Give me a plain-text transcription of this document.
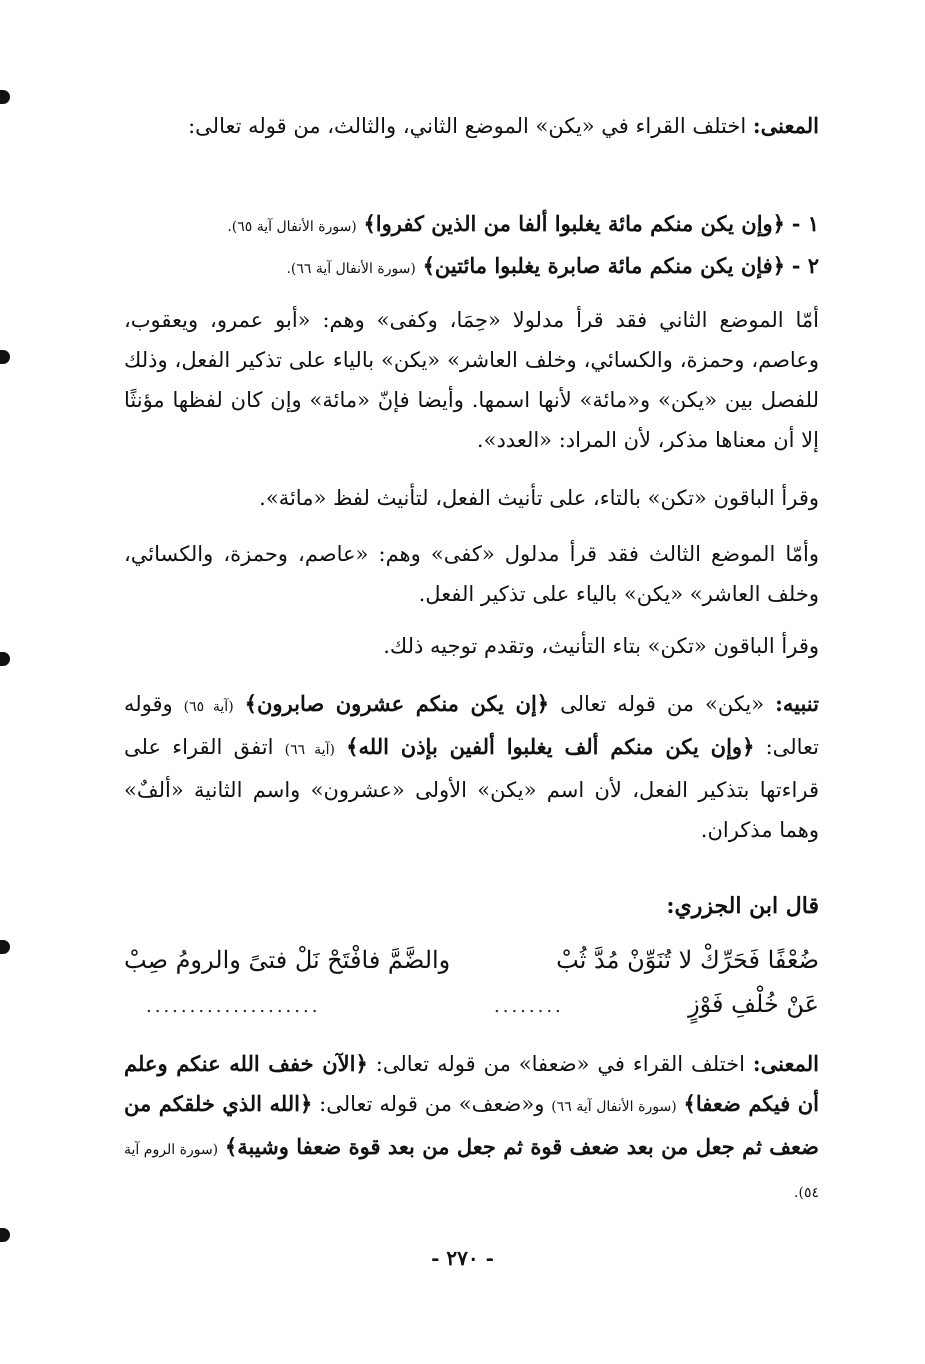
المعنى: اختلف القراء في «يكن» الموضع الثاني، والثالث، من قوله تعالى:

١ - ﴿وإن يكن منكم مائة يغلبوا ألفا من الذين كفروا﴾ (سورة الأنفال آية ٦٥).

٢ - ﴿فإن يكن منكم مائة صابرة يغلبوا مائتين﴾ (سورة الأنفال آية ٦٦).

أمّا الموضع الثاني فقد قرأ مدلولا «حِمَا، وكفى» وهم: «أبو عمرو، ويعقوب، وعاصم، وحمزة، والكسائي، وخلف العاشر» «يكن» بالياء على تذكير الفعل، وذلك للفصل بين «يكن» و«مائة» لأنها اسمها. وأيضا فإنّ «مائة» وإن كان لفظها مؤنثًا إلا أن معناها مذكر، لأن المراد: «العدد».

وقرأ الباقون «تكن» بالتاء، على تأنيث الفعل، لتأنيث لفظ «مائة».

وأمّا الموضع الثالث فقد قرأ مدلول «كفى» وهم: «عاصم، وحمزة، والكسائي، وخلف العاشر» «يكن» بالياء على تذكير الفعل.

وقرأ الباقون «تكن» بتاء التأنيث، وتقدم توجيه ذلك.

تنبيه: «يكن» من قوله تعالى ﴿إن يكن منكم عشرون صابرون﴾ (آية ٦٥) وقوله تعالى: ﴿وإن يكن منكم ألف يغلبوا ألفين بإذن الله﴾ (آية ٦٦) اتفق القراء على قراءتها بتذكير الفعل، لأن اسم «يكن» الأولى «عشرون» واسم الثانية «ألفٌ» وهما مذكران.

قال ابن الجزري:
ضُعْفًا فَحَرِّكْ لا تُنَوِّنْ مُدَّ ثُبْ
والضَّمَّ فافْتَحْ نَلْ فتىً والرومُ صِبْ
عَنْ خُلْفِ فَوْزٍ
....................	........

المعنى: اختلف القراء في «ضعفا» من قوله تعالى: ﴿الآن خفف الله عنكم وعلم أن فيكم ضعفا﴾ (سورة الأنفال آية ٦٦) و«ضعف» من قوله تعالى: ﴿الله الذي خلقكم من ضعف ثم جعل من بعد ضعف قوة ثم جعل من بعد قوة ضعفا وشيبة﴾ (سورة الروم آية ٥٤).

- ٢٧٠ -
